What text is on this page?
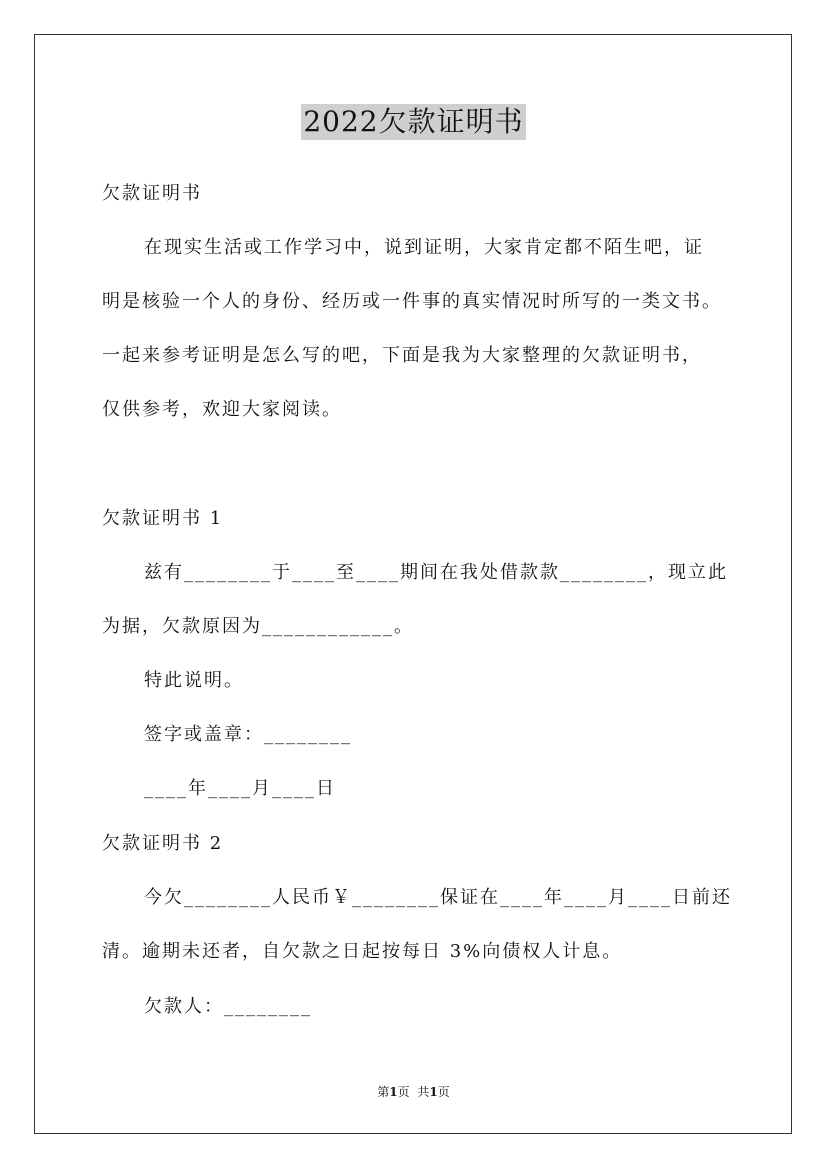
2022欠款证明书
欠款证明书
在现实生活或工作学习中，说到证明，大家肯定都不陌生吧，证
明是核验一个人的身份、经历或一件事的真实情况时所写的一类文书。
一起来参考证明是怎么写的吧，下面是我为大家整理的欠款证明书，
仅供参考，欢迎大家阅读。
欠款证明书 1
兹有________于____至____期间在我处借款款________，现立此
为据，欠款原因为____________。
特此说明。
签字或盖章：________
____年____月____日
欠款证明书 2
今欠________人民币￥________保证在____年____月____日前还
清。逾期未还者，自欠款之日起按每日 3%向债权人计息。
欠款人：________
第1页 共1页
